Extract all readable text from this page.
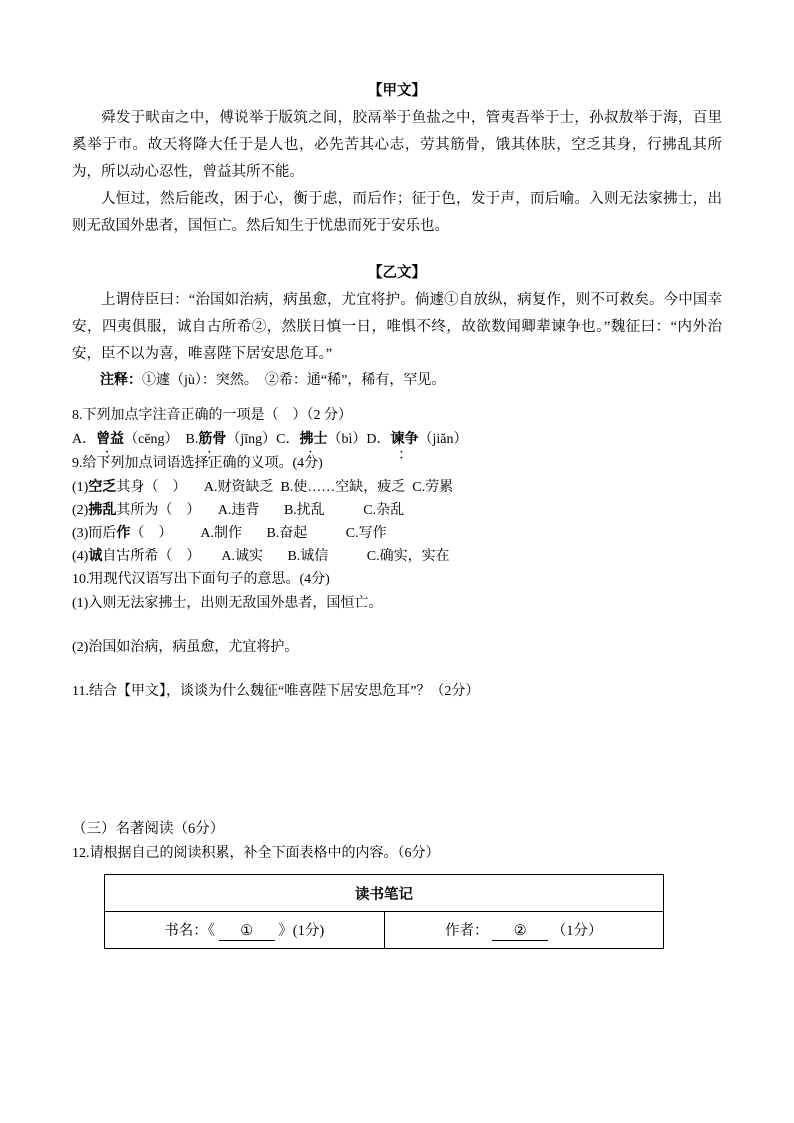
【甲文】

舜发于畎亩之中，傅说举于版筑之间，胶鬲举于鱼盐之中，管夷吾举于士，孙叔敖举于海，百里奚举于市。故天将降大任于是人也，必先苦其心志，劳其筋骨，饿其体肤，空乏其身，行拂乱其所为，所以动心忍性，曾益其所不能。

人恒过，然后能改，困于心，衡于虑，而后作；征于色，发于声，而后喻。入则无法家拂士，出则无敌国外患者，国恒亡。然后知生于忧患而死于安乐也。

【乙文】

上谓侍臣曰：“治国如治病，病虽愈，尤宜将护。倘遽①自放纵，病复作，则不可救矣。今中国幸安，四夷俱服，诚自古所希②，然朕日慎一日，唯惧不终，故欲数闻卿辈谏争也。”魏征曰：“内外治安，臣不以为喜，唯喜陛下居安思危耳。”

注释：①遽（jù）：突然。　②希：通“稀”，稀有，罕见。

8.下列加点字注音正确的一项是（    ）（2 分）

A．· · 曾益（cēng）  B.· · 筋骨（jīng）C．· · 拂士（bì）D．· · 谏争（jiǎn）

9.给下列加点词语选择正确的义项。(4分)

(1)· · 空乏其身（    ）     A.财资缺乏  B.使……空缺，疲乏  C.劳累

(2)· · 拂乱其所为（    ）     A.违背       B.扰乱           C.杂乱

(3)而后· · 作（    ）        A.制作       B.奋起           C.写作

(4)· · 诚自古所希（    ）      A.诚实       B.诚信           C.确实，实在

10.用现代汉语写出下面句子的意思。(4分)

(1)入则无法家拂士，出则无敌国外患者，国恒亡。

(2)治国如治病，病虽愈，尤宜将护。

11.结合【甲文】，谈谈为什么魏征“唯喜陛下居安思危耳”？（2分）

（三）名著阅读（6分）

12.请根据自己的阅读积累，补全下面表格中的内容。（6分）

读书笔记
书名：《 ① 》(1分)	作者： ② （1分）
